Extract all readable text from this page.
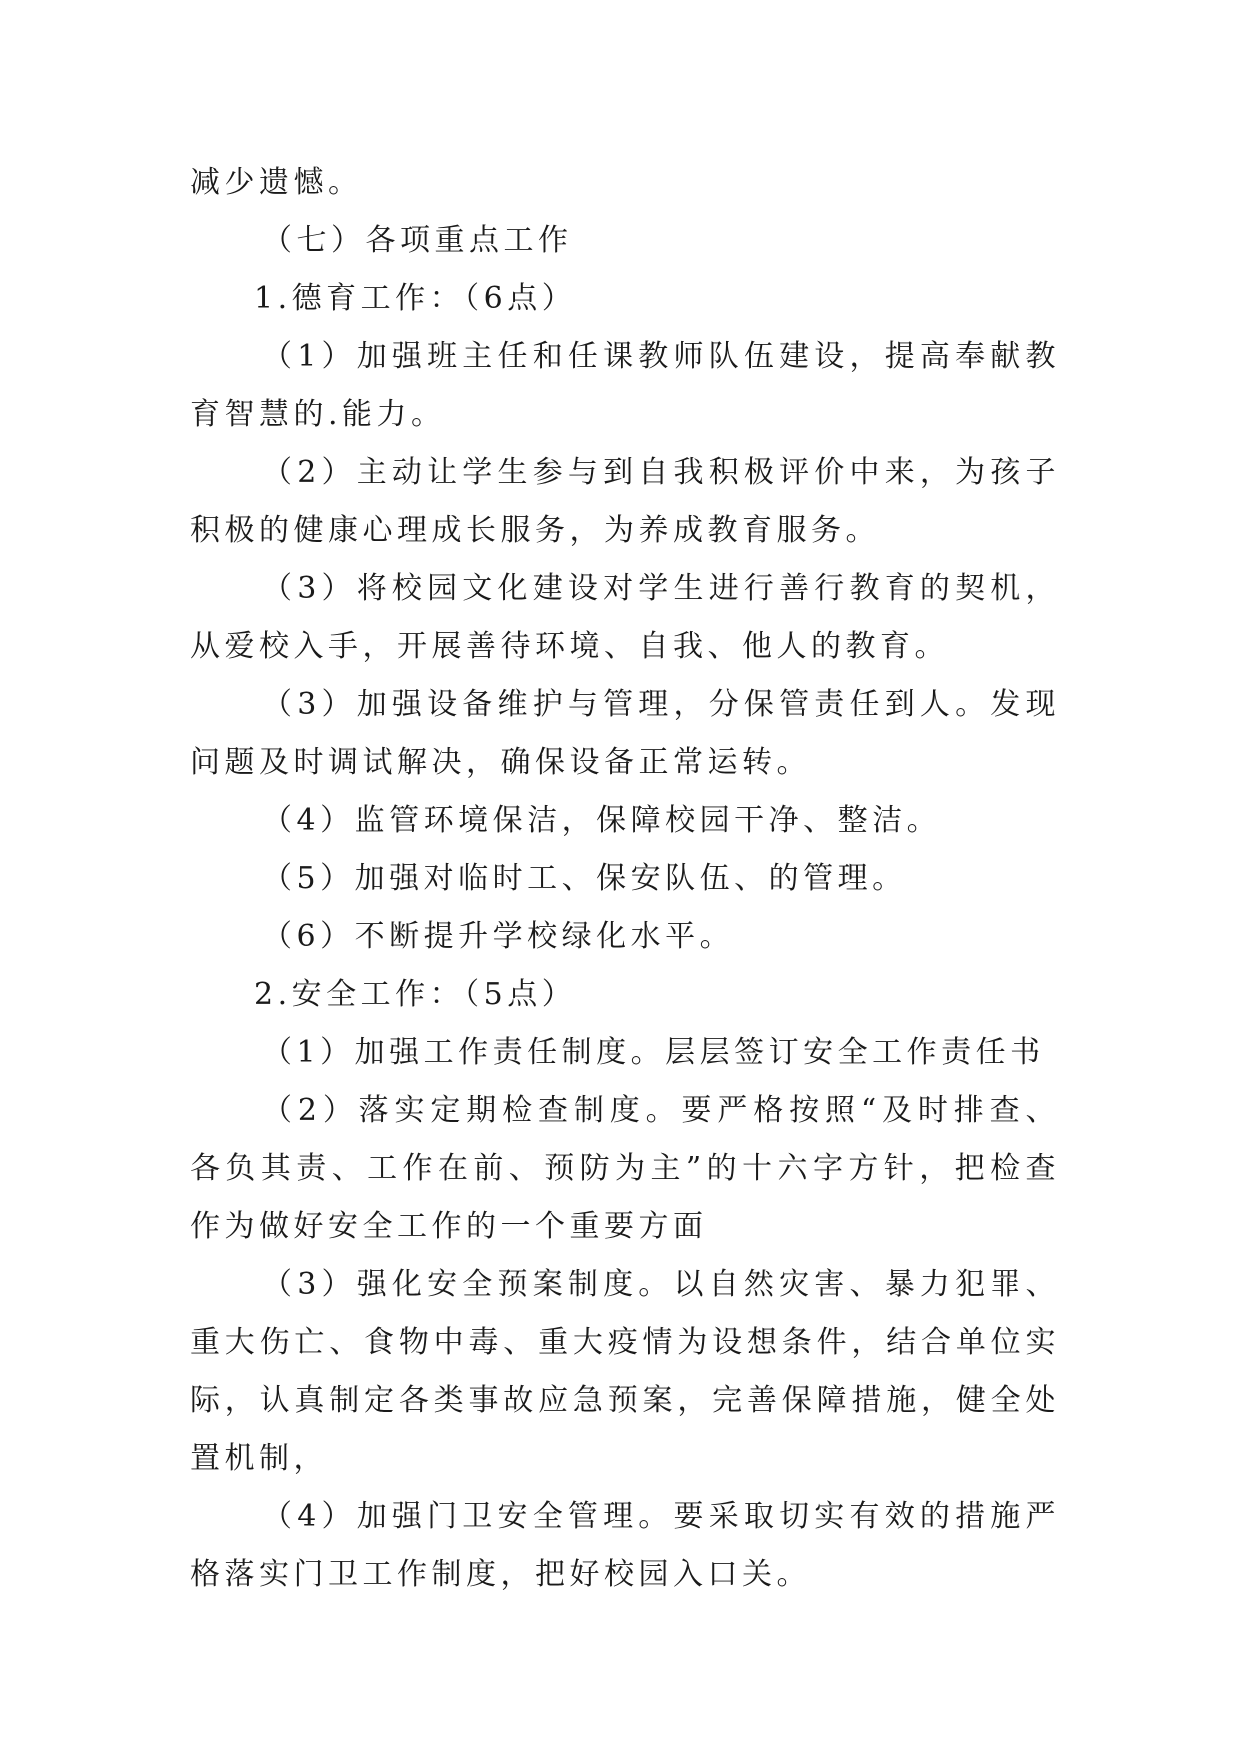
减少遗憾。

（七）各项重点工作

1.德育工作：（6点）

（1）加强班主任和任课教师队伍建设，提高奉献教育智慧的.能力。

（2）主动让学生参与到自我积极评价中来，为孩子积极的健康心理成长服务，为养成教育服务。

（3）将校园文化建设对学生进行善行教育的契机，从爱校入手，开展善待环境、自我、他人的教育。

（3）加强设备维护与管理，分保管责任到人。发现问题及时调试解决，确保设备正常运转。

（4）监管环境保洁，保障校园干净、整洁。

（5）加强对临时工、保安队伍、的管理。

（6）不断提升学校绿化水平。

2.安全工作：（5点）

（1）加强工作责任制度。层层签订安全工作责任书

（2）落实定期检查制度。要严格按照“及时排查、各负其责、工作在前、预防为主”的十六字方针，把检查作为做好安全工作的一个重要方面

（3）强化安全预案制度。以自然灾害、暴力犯罪、重大伤亡、食物中毒、重大疫情为设想条件，结合单位实际，认真制定各类事故应急预案，完善保障措施，健全处置机制，

（4）加强门卫安全管理。要采取切实有效的措施严格落实门卫工作制度，把好校园入口关。
